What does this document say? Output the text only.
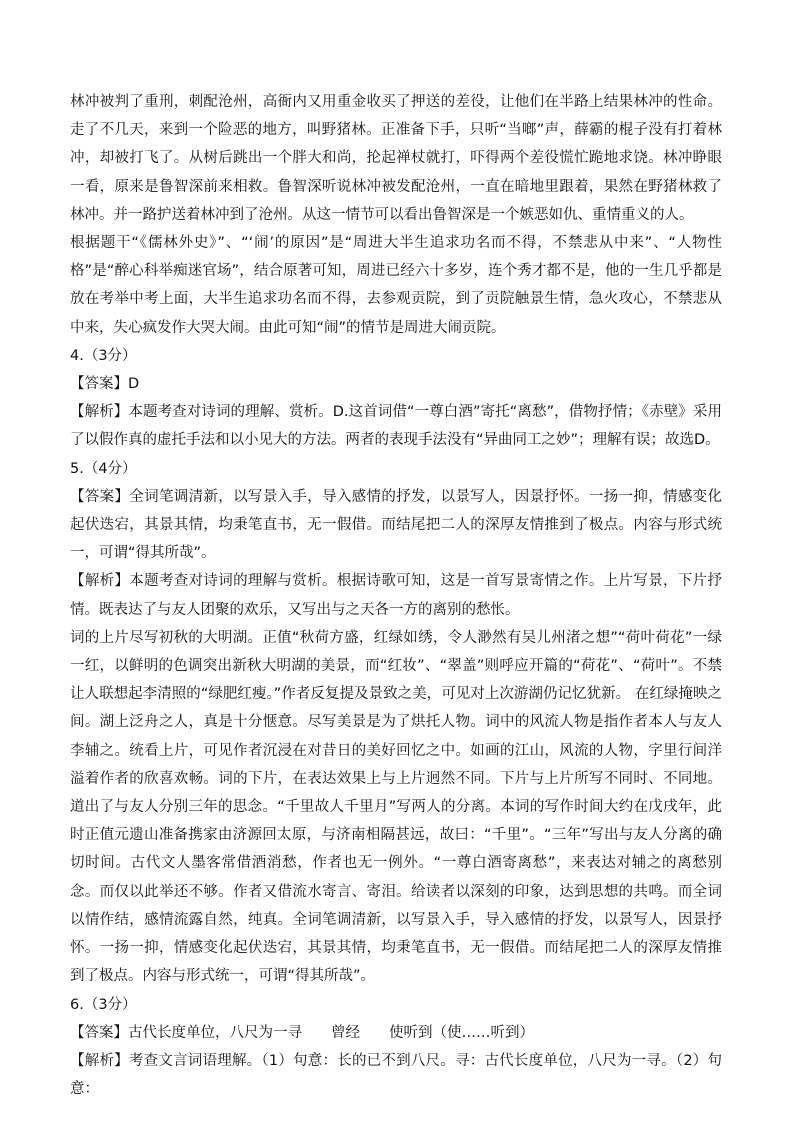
林冲被判了重刑，刺配沧州，高衙内又用重金收买了押送的差役，让他们在半路上结果林冲的性命。走了不几天，来到一个险恶的地方，叫野猪林。正准备下手，只听“当啷”声，薛霸的棍子没有打着林冲，却被打飞了。从树后跳出一个胖大和尚，抡起禅杖就打，吓得两个差役慌忙跪地求饶。林冲睁眼一看，原来是鲁智深前来相救。鲁智深听说林冲被发配沧州，一直在暗地里跟着，果然在野猪林救了林冲。并一路护送着林冲到了沧州。从这一情节可以看出鲁智深是一个嫉恶如仇、重情重义的人。

根据题干“《儒林外史》”、“‘闹’的原因”是“周进大半生追求功名而不得，不禁悲从中来”、“人物性格”是“醉心科举痴迷官场”，结合原著可知，周进已经六十多岁，连个秀才都不是，他的一生几乎都是放在考举中考上面，大半生追求功名而不得，去参观贡院，到了贡院触景生情，急火攻心，不禁悲从中来，失心疯发作大哭大闹。由此可知“闹”的情节是周进大闹贡院。

4.（3分）

【答案】D

【解析】本题考查对诗词的理解、赏析。D.这首词借“一尊白酒”寄托“离愁”，借物抒情；《赤壁》采用了以假作真的虚托手法和以小见大的方法。两者的表现手法没有“异曲同工之妙”；理解有误；故选D。

5.（4分）

【答案】全词笔调清新，以写景入手，导入感情的抒发，以景写人，因景抒怀。一扬一抑，情感变化起伏迭宕，其景其情，均秉笔直书，无一假借。而结尾把二人的深厚友情推到了极点。内容与形式统一，可谓“得其所哉”。

【解析】本题考查对诗词的理解与赏析。根据诗歌可知，这是一首写景寄情之作。上片写景，下片抒情。既表达了与友人团聚的欢乐，又写出与之天各一方的离别的愁怅。

词的上片尽写初秋的大明湖。正值“秋荷方盛，红绿如绣，令人渺然有吴儿州渚之想”“荷叶荷花”一绿一红，以鲜明的色调突出新秋大明湖的美景，而“红妆”、“翠盖”则呼应开篇的“荷花”、“荷叶”。不禁让人联想起李清照的“绿肥红瘦。”作者反复提及景致之美，可见对上次游湖仍记忆犹新。 在红绿掩映之间。湖上泛舟之人，真是十分惬意。尽写美景是为了烘托人物。词中的风流人物是指作者本人与友人李辅之。统看上片，可见作者沉浸在对昔日的美好回忆之中。如画的江山，风流的人物，字里行间洋溢着作者的欣喜欢畅。词的下片，在表达效果上与上片迥然不同。下片与上片所写不同时、不同地。道出了与友人分别三年的思念。“千里故人千里月”写两人的分离。本词的写作时间大约在戊戌年，此时正值元遗山准备携家由济源回太原，与济南相隔甚远，故曰：“千里”。“三年”写出与友人分离的确切时间。古代文人墨客常借酒消愁，作者也无一例外。“一尊白酒寄离愁”，来表达对辅之的离愁别念。而仅以此举还不够。作者又借流水寄言、寄泪。给读者以深刻的印象，达到思想的共鸣。而全词以情作结，感情流露自然，纯真。全词笔调清新，以写景入手，导入感情的抒发，以景写人，因景抒怀。一扬一抑，情感变化起伏迭宕，其景其情，均秉笔直书，无一假借。而结尾把二人的深厚友情推到了极点。内容与形式统一，可谓“得其所哉”。

6.（3分）

【答案】古代长度单位，八尺为一寻　　曾经　　使听到（使……听到）

【解析】考查文言词语理解。（1）句意：长的已不到八尺。寻：古代长度单位，八尺为一寻。（2）句意：
